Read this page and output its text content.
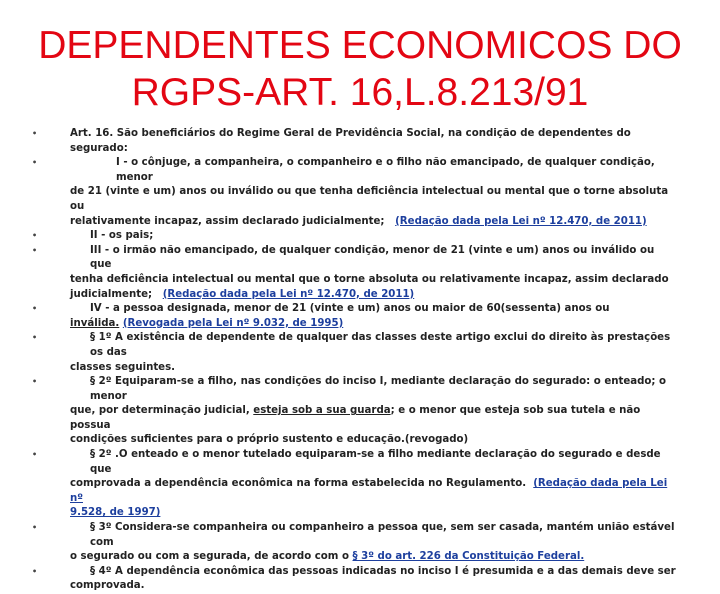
DEPENDENTES ECONOMICOS DO
RGPS-ART. 16,L.8.213/91
•	Art. 16. São beneficiários do Regime Geral de Previdência Social, na condição de dependentes do segurado:
•	I - o cônjuge, a companheira, o companheiro e o filho não emancipado, de qualquer condição, menor
de 21 (vinte e um) anos ou inválido ou que tenha deficiência intelectual ou mental que o torne absoluta ou
relativamente incapaz, assim declarado judicialmente; (Redação dada pela Lei nº 12.470, de 2011)
•	II - os pais;
•	III - o irmão não emancipado, de qualquer condição, menor de 21 (vinte e um) anos ou inválido ou que
tenha deficiência intelectual ou mental que o torne absoluta ou relativamente incapaz, assim declarado
judicialmente; (Redação dada pela Lei nº 12.470, de 2011)
•	IV - a pessoa designada, menor de 21 (vinte e um) anos ou maior de 60(sessenta) anos ou
inválida. (Revogada pela Lei nº 9.032, de 1995)
•	§ 1º A existência de dependente de qualquer das classes deste artigo exclui do direito às prestações os das
classes seguintes.
•	§ 2º Equiparam-se a filho, nas condições do inciso I, mediante declaração do segurado: o enteado; o menor
que, por determinação judicial, esteja sob a sua guarda; e o menor que esteja sob sua tutela e não possua
condições suficientes para o próprio sustento e educação.(revogado)
•	§ 2º .O enteado e o menor tutelado equiparam-se a filho mediante declaração do segurado e desde que
comprovada a dependência econômica na forma estabelecida no Regulamento. (Redação dada pela Lei nº
9.528, de 1997)
•	§ 3º Considera-se companheira ou companheiro a pessoa que, sem ser casada, mantém união estável com
o segurado ou com a segurada, de acordo com o § 3º do art. 226 da Constituição Federal.
•	§ 4º A dependência econômica das pessoas indicadas no inciso I é presumida e a das demais deve ser
comprovada.
